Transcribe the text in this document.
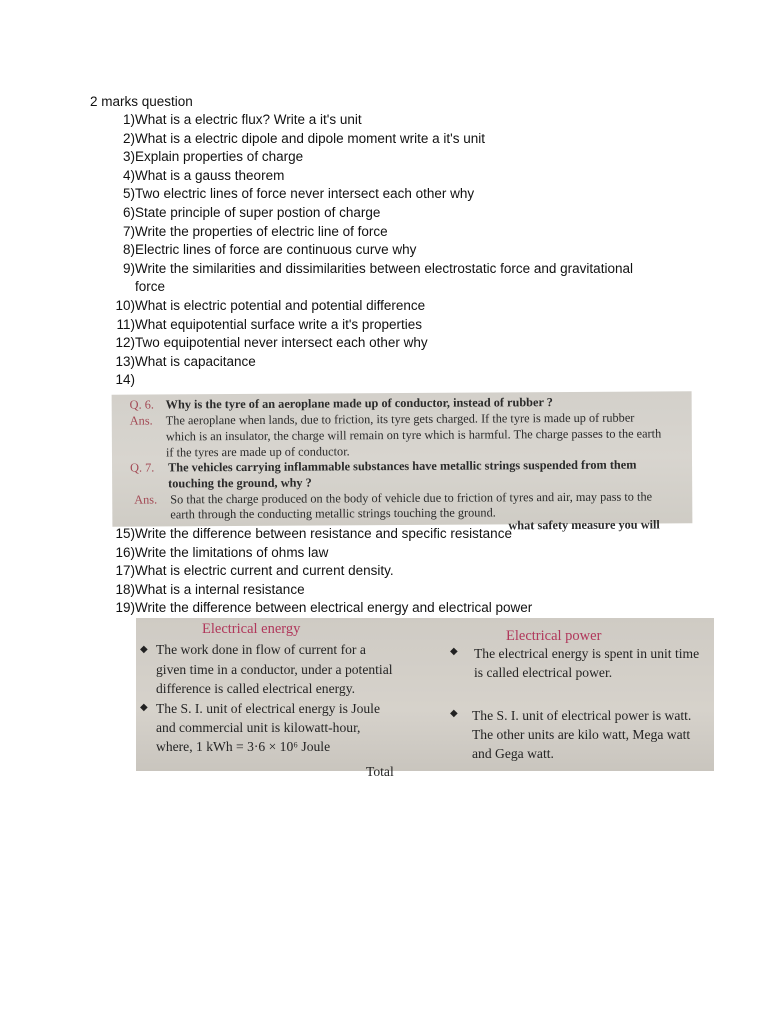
2 marks question
1) What is a electric flux? Write a it's unit
2) What is a electric dipole and dipole moment write a it's unit
3) Explain properties of charge
4) What is a gauss theorem
5) Two electric lines of force never intersect each other why
6) State principle of super postion of charge
7) Write the properties of electric line of force
8) Electric lines of force are continuous curve why
9) Write the similarities and dissimilarities between electrostatic force and gravitational force
10) What is electric potential and potential difference
11) What equipotential surface write a it's properties
12) Two equipotential never intersect each other why
13) What is capacitance
14)
Q. 6. Why is the tyre of an aeroplane made up of conductor, instead of rubber ?
Ans. The aeroplane when lands, due to friction, its tyre gets charged. If the tyre is made up of rubber
which is an insulator, the charge will remain on tyre which is harmful. The charge passes to the earth
if the tyres are made up of conductor.
Q. 7. The vehicles carrying inflammable substances have metallic strings suspended from them
touching the ground, why ?
Ans. So that the charge produced on the body of vehicle due to friction of tyres and air, may pass to the
earth through the conducting metallic strings touching the ground.
what safety measure you will
15) Write the difference between resistance and specific resistance
16) Write the limitations of ohms law
17) What is electric current and current density.
18) What is a internal resistance
19) Write the difference between electrical energy and electrical power
Electrical energy	Electrical power
◆ The work done in flow of current for a
given time in a conductor, under a potential
difference is called electrical energy.
◆ The S. I. unit of electrical energy is Joule
and commercial unit is kilowatt-hour,
where, 1 kWh = 3·6 × 10⁶ Joule
◆ The electrical energy is spent in unit time
is called electrical power.
◆ The S. I. unit of electrical power is watt.
The other units are kilo watt, Mega watt
and Gega watt.
Total
